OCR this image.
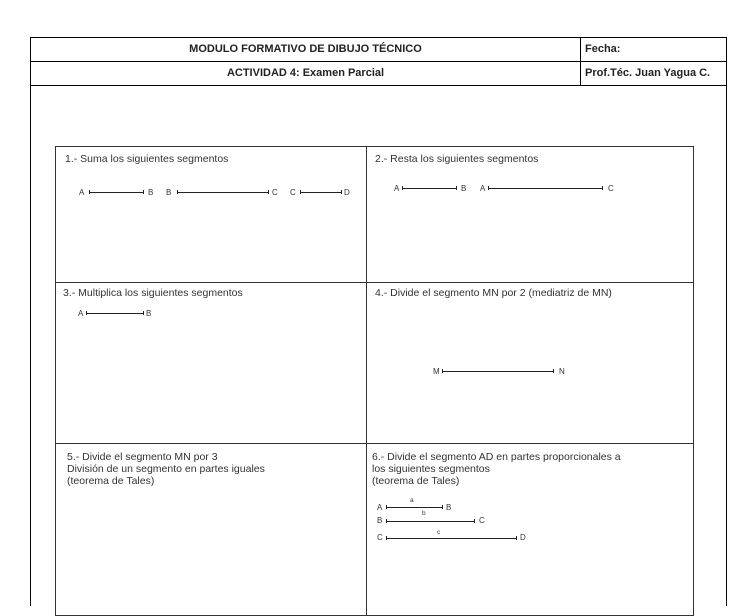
MODULO FORMATIVO DE DIBUJO TÉCNICO	Fecha:
ACTIVIDAD 4: Examen Parcial	Prof.Téc. Juan Yagua C.
1.- Suma los siguientes segmentos
A	B B	C C	D
2.- Resta los siguientes segmentos
A	B A	C
3.- Multiplica los siguientes segmentos
A	B
4.- Divide el segmento MN por 2 (mediatriz de MN)
M	N
5.- Divide el segmento MN por 3
División de un segmento en partes iguales
(teorema de Tales)
6.- Divide el segmento AD en partes proporcionales a
los siguientes segmentos
(teorema de Tales)
A
a
B
b
B	C
c
C	D
